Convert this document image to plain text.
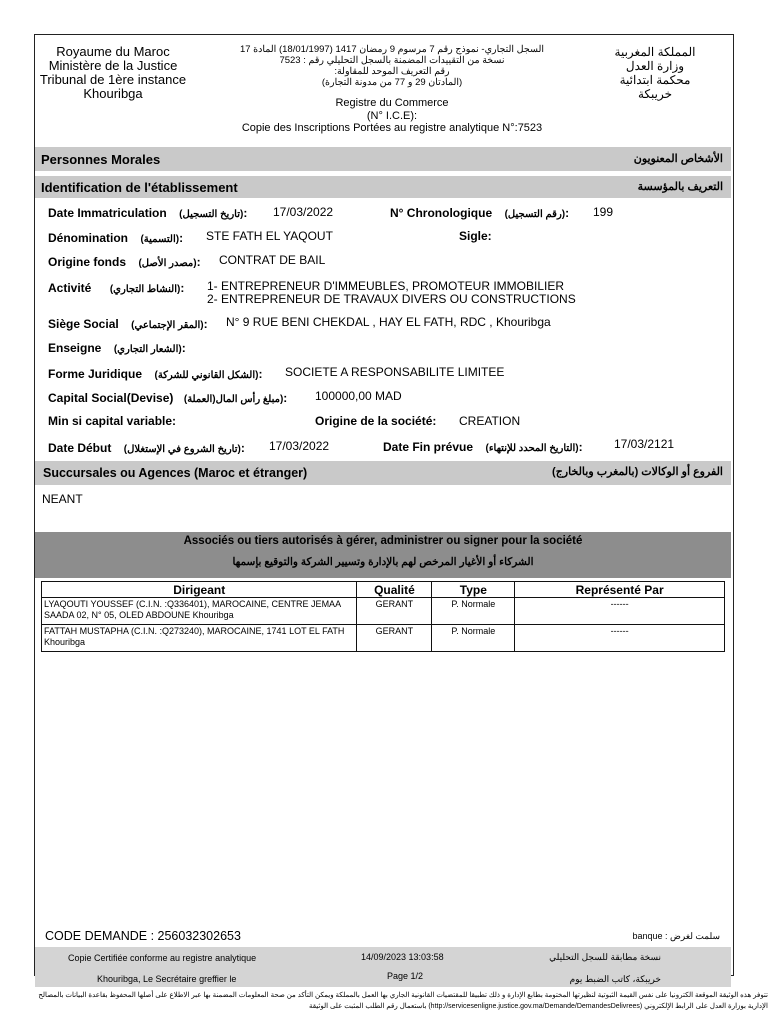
Royaume du Maroc
Ministère de la Justice
Tribunal de 1ère instance
Khouribga
المملكة المغربية
وزارة العدل
محكمة ابتدائية
خريبكة
السجل التجاري- نموذج رقم 7 مرسوم 9 رمضان 1417 (18/01/1997) المادة 17
نسخة من التقييدات المضمنة بالسجل التحليلي رقم : 7523
رقم التعريف الموحد للمقاولة:
(المادتان 29 و 77 من مدونة التجارة)
Registre du Commerce
(N° I.C.E):
Copie des Inscriptions Portées au registre analytique N°:7523
Personnes Morales	الأشخاص المعنويون
Identification de l'établissement	التعريف بالمؤسسة
Date Immatriculation (تاريخ التسجيل): 17/03/2022	N° Chronologique (رقم التسجيل): 199
Dénomination (التسمية): STE FATH EL YAQOUT	Sigle:
Origine fonds (مصدر الأصل): CONTRAT DE BAIL
Activité (النشاط التجاري): 1- ENTREPRENEUR D'IMMEUBLES, PROMOTEUR IMMOBILIER
2- ENTREPRENEUR DE TRAVAUX DIVERS OU CONSTRUCTIONS
Siège Social (المقر الإجتماعي): N° 9 RUE BENI CHEKDAL , HAY EL FATH, RDC , Khouribga
Enseigne (الشعار التجاري):
Forme Juridique (الشكل القانوني للشركة): SOCIETE A RESPONSABILITE LIMITEE
Capital Social(Devise) (العملة)مبلغ رأس المال): 100000,00 MAD
Min si capital variable:	Origine de la société: CREATION
Date Début (تاريخ الشروع في الإستغلال): 17/03/2022	Date Fin prévue (التاريخ المحدد للإنتهاء):	17/03/2121
Succursales ou Agences (Maroc et étranger)	الفروع أو الوكالات (بالمغرب وبالخارج)
NEANT
Associés ou tiers autorisés à gérer, administrer ou signer pour la société
الشركاء أو الأغيار المرخص لهم بالإدارة وتسيير الشركة والتوقيع بإسمها
Dirigeant	Qualité	Type	Représenté Par
LYAQOUTI YOUSSEF (C.I.N. :Q336401), MAROCAINE, CENTRE JEMAA SAADA 02, N° 05, OLED ABDOUNE Khouribga	GERANT	P. Normale	------
FATTAH MUSTAPHA (C.I.N. :Q273240), MAROCAINE, 1741 LOT EL FATH Khouribga	GERANT	P. Normale	------
CODE DEMANDE : 256032302653	سلمت لغرض : banque
Copie Certifiée conforme au registre analytique	14/09/2023 13:03:58	نسخة مطابقة للسجل التحليلي
Khouribga, Le Secrétaire greffier le	Page 1/2	خريبكة، كاتب الضبط يوم
تتوفر هذه الوثيقة الموقعة الكترونيا على نفس القيمة الثبوتية لنظيرتها المختومة بطابع الإدارة و ذلك تطبيقا للمقتضيات القانونية الجاري بها العمل بالمملكة ويمكن التأكد من صحة المعلومات المضمنة بها عبر الاطلاع على أصلها المحفوظ بقاعدة البيانات بالمصالح
الإدارية بوزارة العدل على الرابط الإلكتروني (http://servicesenligne.justice.gov.ma/Demande/DemandesDelivrees) باستعمال رقم الطلب المثبت على الوثيقة
